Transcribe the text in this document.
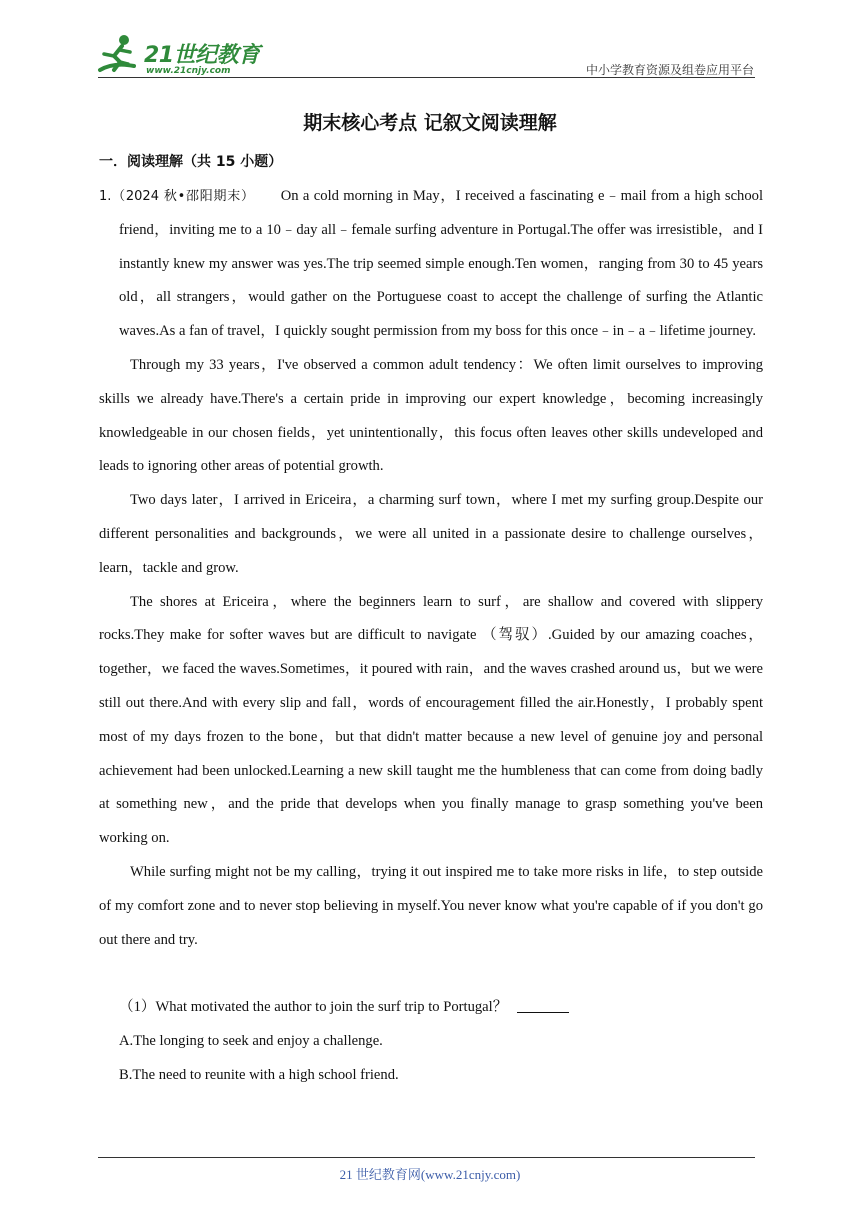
21世纪教育
www.21cnjy.com	中小学教育资源及组卷应用平台
期末核心考点 记叙文阅读理解
一．阅读理解（共 15 小题）

1.（2024 秋•邵阳期末） On a cold morning in May，I received a fascinating e﹣mail from a high school friend，inviting me to a 10﹣day all﹣female surfing adventure in Portugal.The offer was irresistible，and I instantly knew my answer was yes.The trip seemed simple enough.Ten women，ranging from 30 to 45 years old，all strangers，would gather on the Portuguese coast to accept the challenge of surfing the Atlantic waves.As a fan of travel，I quickly sought permission from my boss for this once﹣in﹣a﹣lifetime journey.

Through my 33 years，I've observed a common adult tendency：We often limit ourselves to improving skills we already have.There's a certain pride in improving our expert knowledge，becoming increasingly knowledgeable in our chosen fields，yet unintentionally，this focus often leaves other skills undeveloped and leads to ignoring other areas of potential growth.

Two days later，I arrived in Ericeira，a charming surf town，where I met my surfing group.Despite our different personalities and backgrounds，we were all united in a passionate desire to challenge ourselves，learn，tackle and grow.

The shores at Ericeira，where the beginners learn to surf，are shallow and covered with slippery rocks.They make for softer waves but are difficult to navigate （驾驭）.Guided by our amazing coaches，together，we faced the waves.Sometimes，it poured with rain，and the waves crashed around us，but we were still out there.And with every slip and fall，words of encouragement filled the air.Honestly，I probably spent most of my days frozen to the bone，but that didn't matter because a new level of genuine joy and personal achievement had been unlocked.Learning a new skill taught me the humbleness that can come from doing badly at something new，and the pride that develops when you finally manage to grasp something you've been working on.

While surfing might not be my calling，trying it out inspired me to take more risks in life，to step outside of my comfort zone and to never stop believing in myself.You never know what you're capable of if you don't go out there and try.

（1）What motivated the author to join the surf trip to Portugal？

A.The longing to seek and enjoy a challenge.

B.The need to reunite with a high school friend.

21 世纪教育网(www.21cnjy.com)
